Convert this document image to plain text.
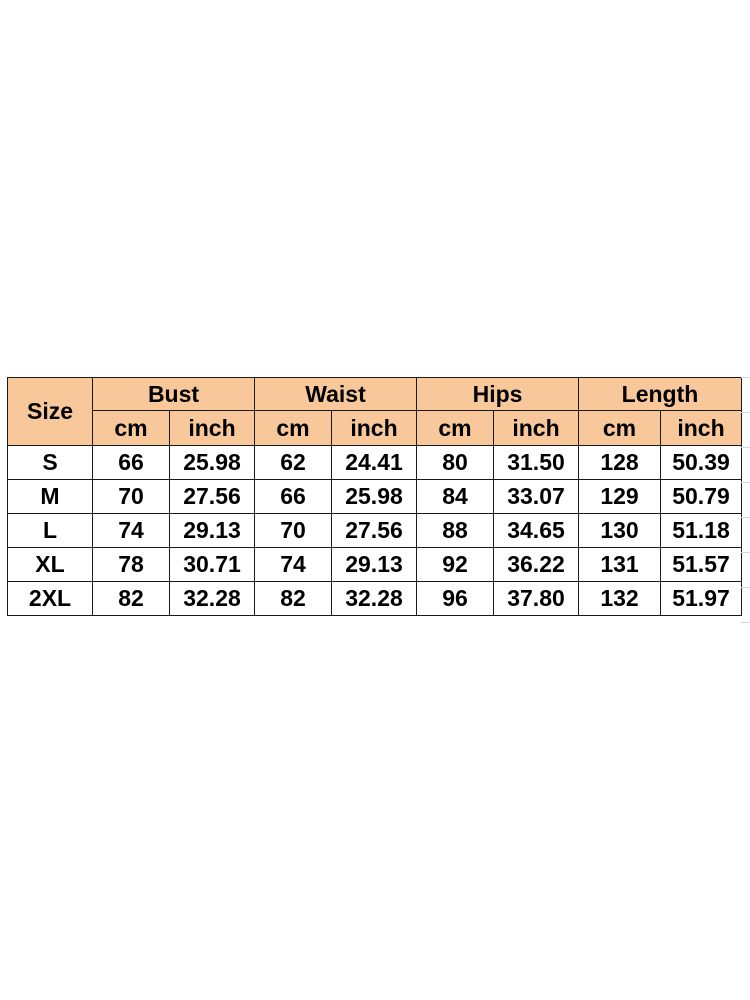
Size	Bust		Waist		Hips		Length	
	cm	inch	cm	inch	cm	inch	cm	inch
S	66	25.98	62	24.41	80	31.50	128	50.39
M	70	27.56	66	25.98	84	33.07	129	50.79
L	74	29.13	70	27.56	88	34.65	130	51.18
XL	78	30.71	74	29.13	92	36.22	131	51.57
2XL	82	32.28	82	32.28	96	37.80	132	51.97
